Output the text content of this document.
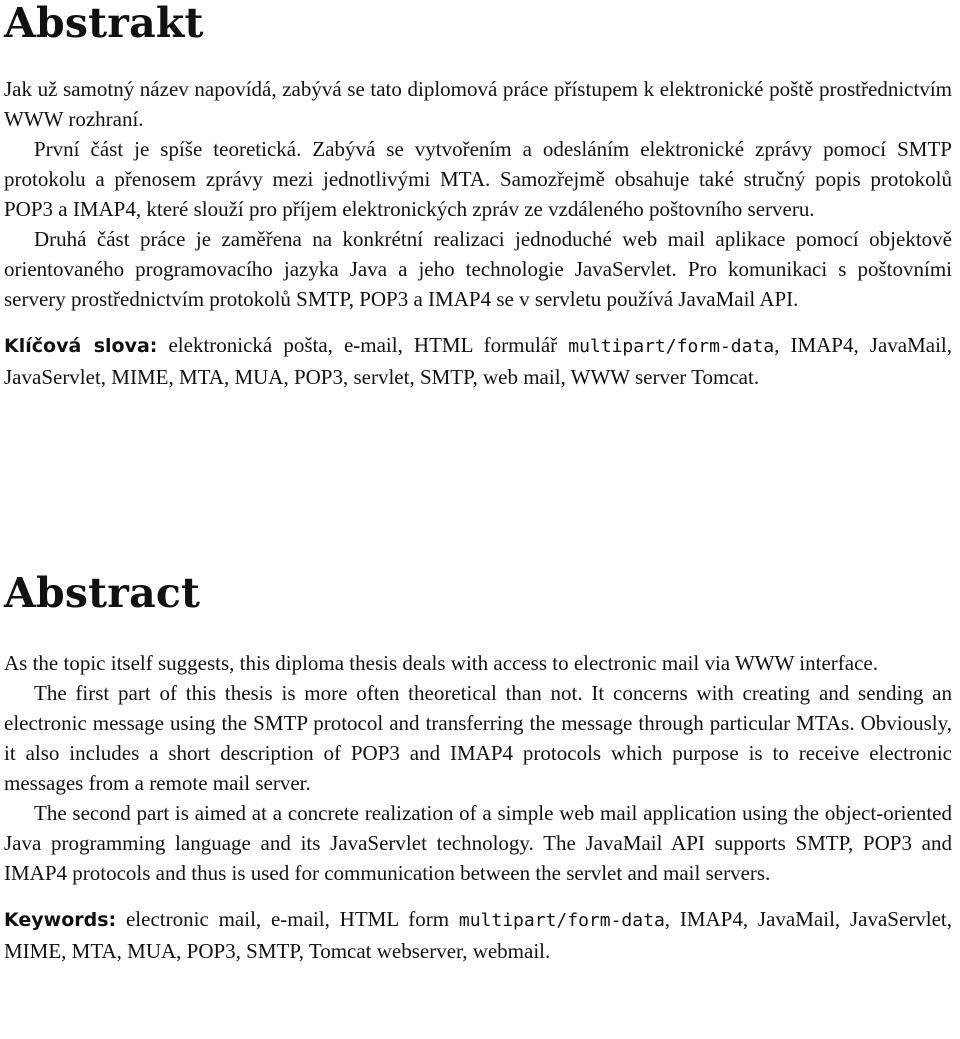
Abstrakt

Jak už samotný název napovídá, zabývá se tato diplomová práce přístupem k elektronické poště prostřednictvím WWW rozhraní.

První část je spíše teoretická. Zabývá se vytvořením a odesláním elektronické zprávy pomocí SMTP protokolu a přenosem zprávy mezi jednotlivými MTA. Samozřejmě obsahuje také stručný popis protokolů POP3 a IMAP4, které slouží pro příjem elektronických zpráv ze vzdáleného poštovního serveru.

Druhá část práce je zaměřena na konkrétní realizaci jednoduché web mail aplikace pomocí objektově orientovaného programovacího jazyka Java a jeho technologie JavaServlet. Pro komunikaci s poštovními servery prostřednictvím protokolů SMTP, POP3 a IMAP4 se v servletu používá JavaMail API.

Klíčová slova: elektronická pošta, e-mail, HTML formulář multipart/form-data, IMAP4, JavaMail, JavaServlet, MIME, MTA, MUA, POP3, servlet, SMTP, web mail, WWW server Tomcat.

Abstract

As the topic itself suggests, this diploma thesis deals with access to electronic mail via WWW interface.

The first part of this thesis is more often theoretical than not. It concerns with creating and sending an electronic message using the SMTP protocol and transferring the message through particular MTAs. Obviously, it also includes a short description of POP3 and IMAP4 protocols which purpose is to receive electronic messages from a remote mail server.

The second part is aimed at a concrete realization of a simple web mail application using the object-oriented Java programming language and its JavaServlet technology. The JavaMail API supports SMTP, POP3 and IMAP4 protocols and thus is used for communication between the servlet and mail servers.

Keywords: electronic mail, e-mail, HTML form multipart/form-data, IMAP4, JavaMail, JavaServlet, MIME, MTA, MUA, POP3, SMTP, Tomcat webserver, webmail.
